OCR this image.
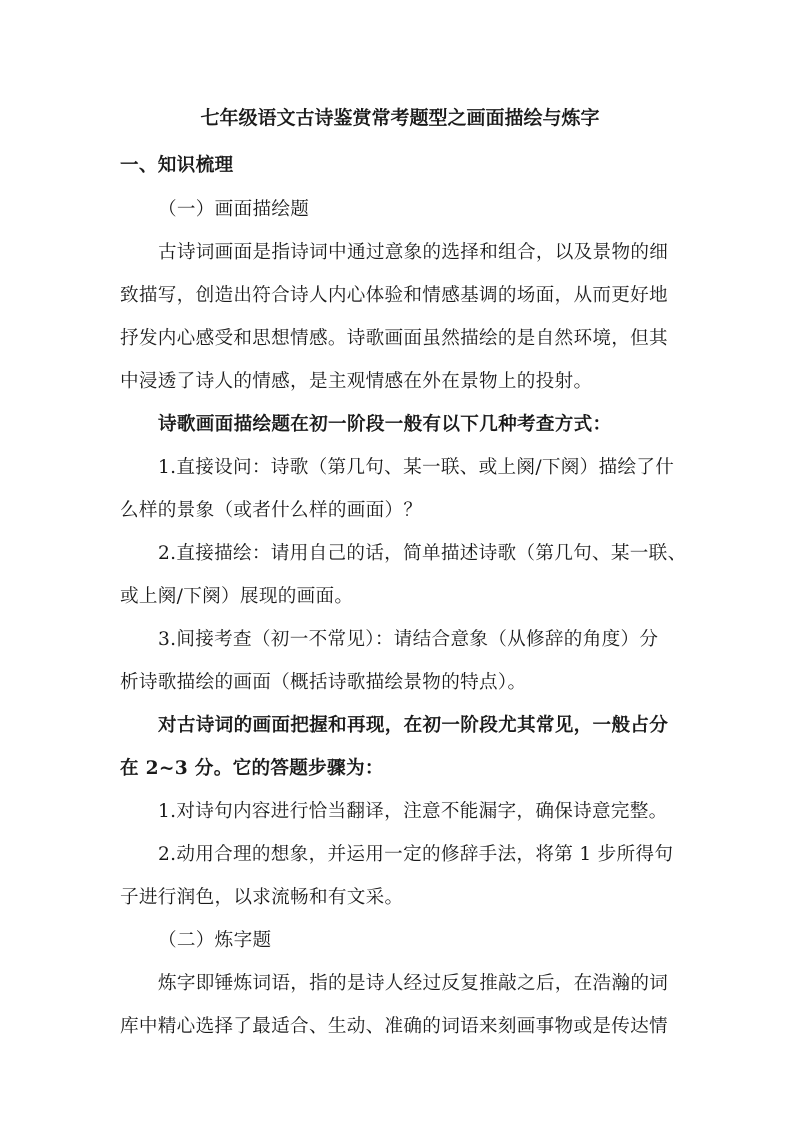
七年级语文古诗鉴赏常考题型之画面描绘与炼字
一、知识梳理
（一）画面描绘题
古诗词画面是指诗词中通过意象的选择和组合，以及景物的细
致描写，创造出符合诗人内心体验和情感基调的场面，从而更好地
抒发内心感受和思想情感。诗歌画面虽然描绘的是自然环境，但其
中浸透了诗人的情感，是主观情感在外在景物上的投射。
诗歌画面描绘题在初一阶段一般有以下几种考查方式：
1.直接设问：诗歌（第几句、某一联、或上阕/下阕）描绘了什
么样的景象（或者什么样的画面）？
2.直接描绘：请用自己的话，简单描述诗歌（第几句、某一联、
或上阕/下阕）展现的画面。
3.间接考查（初一不常见）：请结合意象（从修辞的角度）分
析诗歌描绘的画面（概括诗歌描绘景物的特点）。
对古诗词的画面把握和再现，在初一阶段尤其常见，一般占分
在 2~3 分。它的答题步骤为：
1.对诗句内容进行恰当翻译，注意不能漏字，确保诗意完整。
2.动用合理的想象，并运用一定的修辞手法，将第 1 步所得句
子进行润色，以求流畅和有文采。
（二）炼字题
炼字即锤炼词语，指的是诗人经过反复推敲之后，在浩瀚的词
库中精心选择了最适合、生动、准确的词语来刻画事物或是传达情
